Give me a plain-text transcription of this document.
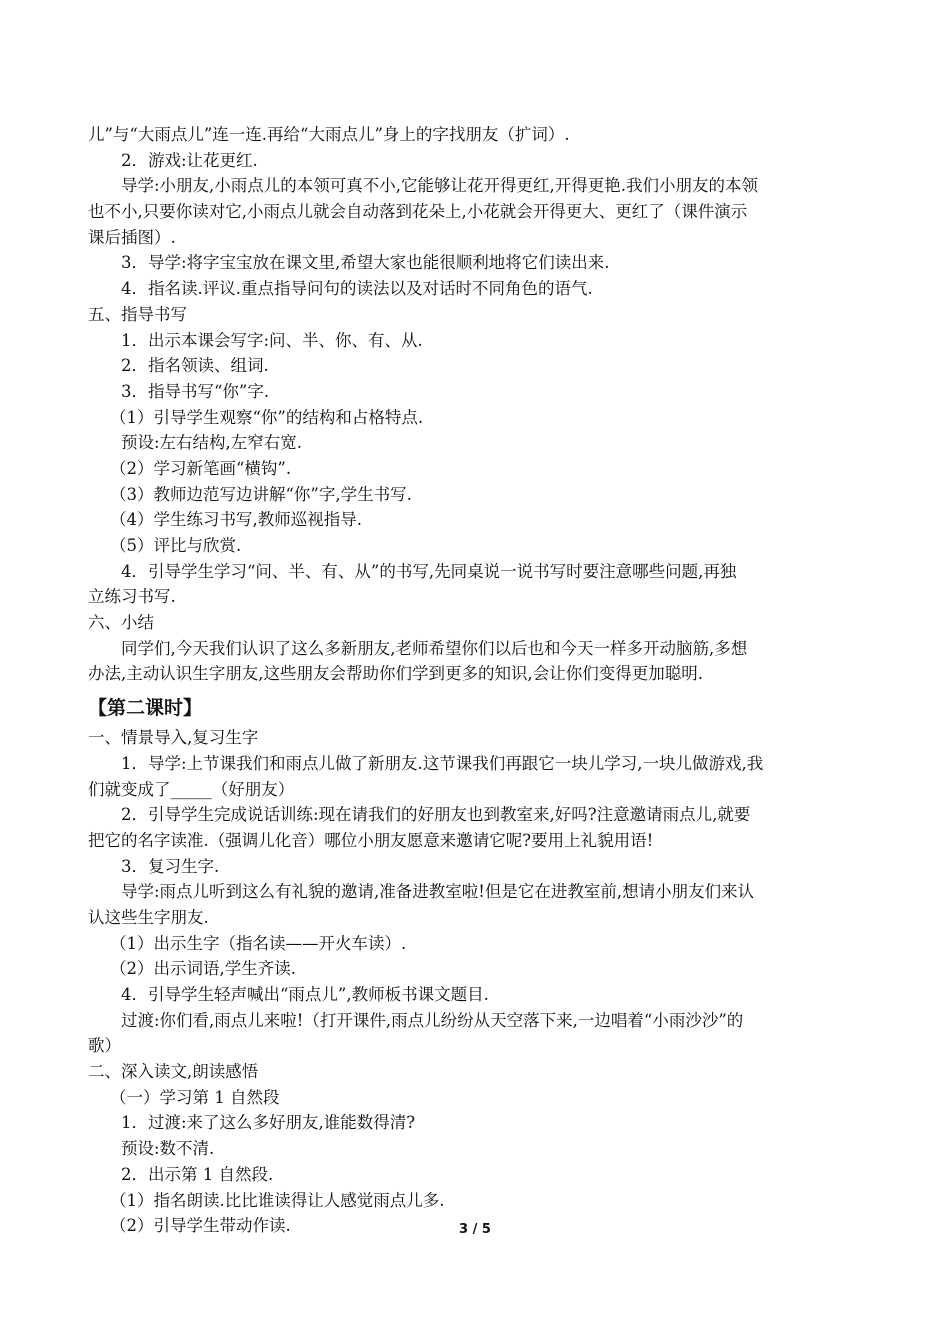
儿”与“大雨点儿”连一连.再给“大雨点儿”身上的字找朋友（扩词）.
2．游戏:让花更红.
导学:小朋友,小雨点儿的本领可真不小,它能够让花开得更红,开得更艳.我们小朋友的本领
也不小,只要你读对它,小雨点儿就会自动落到花朵上,小花就会开得更大、更红了（课件演示
课后插图）.
3．导学:将字宝宝放在课文里,希望大家也能很顺利地将它们读出来.
4．指名读.评议.重点指导问句的读法以及对话时不同角色的语气.
五、指导书写
1．出示本课会写字:问、半、你、有、从.
2．指名领读、组词.
3．指导书写“你”字.
（1）引导学生观察“你”的结构和占格特点.
预设:左右结构,左窄右宽.
（2）学习新笔画“横钩”.
（3）教师边范写边讲解“你”字,学生书写.
（4）学生练习书写,教师巡视指导.
（5）评比与欣赏.
4．引导学生学习“问、半、有、从”的书写,先同桌说一说书写时要注意哪些问题,再独
立练习书写.
六、小结
同学们,今天我们认识了这么多新朋友,老师希望你们以后也和今天一样多开动脑筋,多想
办法,主动认识生字朋友,这些朋友会帮助你们学到更多的知识,会让你们变得更加聪明.
【第二课时】
一、情景导入,复习生字
1．导学:上节课我们和雨点儿做了新朋友.这节课我们再跟它一块儿学习,一块儿做游戏,我
们就变成了_____（好朋友）
2．引导学生完成说话训练:现在请我们的好朋友也到教室来,好吗?注意邀请雨点儿,就要
把它的名字读准.（强调儿化音）哪位小朋友愿意来邀请它呢?要用上礼貌用语!
3．复习生字.
导学:雨点儿听到这么有礼貌的邀请,准备进教室啦!但是它在进教室前,想请小朋友们来认
认这些生字朋友.
（1）出示生字（指名读——开火车读）.
（2）出示词语,学生齐读.
4．引导学生轻声喊出“雨点儿”,教师板书课文题目.
过渡:你们看,雨点儿来啦!（打开课件,雨点儿纷纷从天空落下来,一边唱着“小雨沙沙”的
歌）
二、深入读文,朗读感悟
（一）学习第 1 自然段
1．过渡:来了这么多好朋友,谁能数得清?
预设:数不清.
2．出示第 1 自然段.
（1）指名朗读.比比谁读得让人感觉雨点儿多.
（2）引导学生带动作读.	3 / 5
